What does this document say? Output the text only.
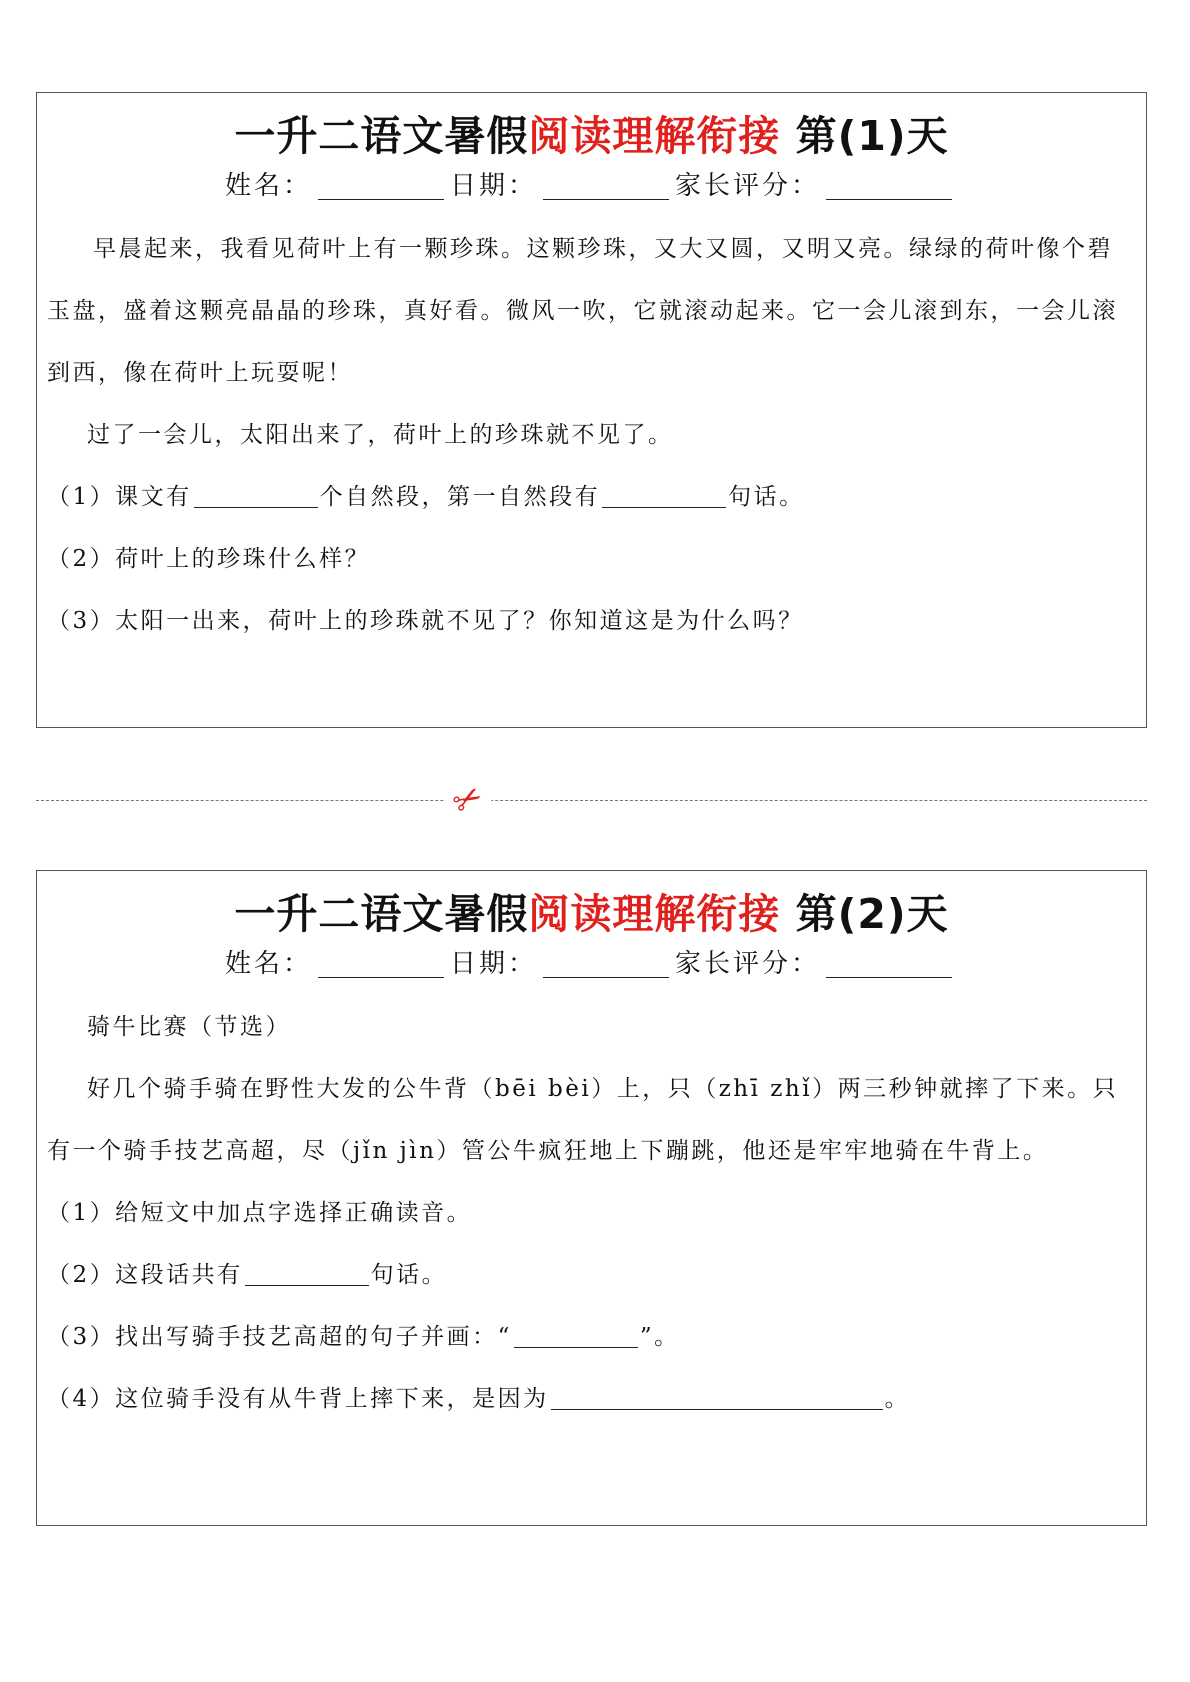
一升二语文暑假阅读理解衔接 第(1)天
姓名：	日期：	家长评分：

早晨起来，我看见荷叶上有一颗珍珠。这颗珍珠，又大又圆，又明又亮。绿绿的荷叶像个碧玉盘，盛着这颗亮晶晶的珍珠，真好看。微风一吹，它就滚动起来。它一会儿滚到东，一会儿滚到西，像在荷叶上玩耍呢！

过了一会儿，太阳出来了，荷叶上的珍珠就不见了。

（1）课文有	个自然段，第一自然段有	句话。

（2）荷叶上的珍珠什么样？

（3）太阳一出来，荷叶上的珍珠就不见了？你知道这是为什么吗？

✂
一升二语文暑假阅读理解衔接 第(2)天
姓名：	日期：	家长评分：

骑牛比赛（节选）

好几个骑手骑在野性大发的公牛背（bēi bèi）上，只（zhī zhǐ）两三秒钟就摔了下来。只有一个骑手技艺高超，尽（jǐn jìn）管公牛疯狂地上下蹦跳，他还是牢牢地骑在牛背上。

（1）给短文中加点字选择正确读音。

（2）这段话共有	句话。

（3）找出写骑手技艺高超的句子并画：“	”。

（4）这位骑手没有从牛背上摔下来，是因为	。
